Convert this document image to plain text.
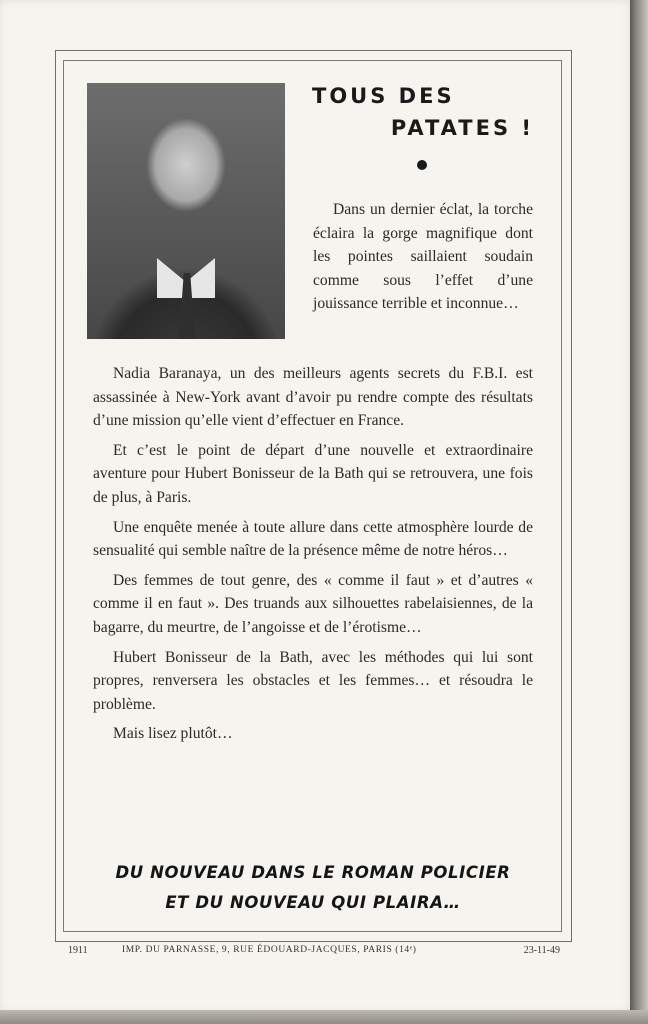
TOUS DES
PATATES !

Dans un dernier éclat, la torche éclaira la gorge magnifique dont les pointes saillaient soudain comme sous l’effet d’une jouissance terrible et inconnue…

Nadia Baranaya, un des meilleurs agents secrets du F.B.I. est assassinée à New-York avant d’avoir pu rendre compte des résultats d’une mission qu’elle vient d’effectuer en France.

Et c’est le point de départ d’une nouvelle et extraordinaire aventure pour Hubert Bonisseur de la Bath qui se retrouvera, une fois de plus, à Paris.

Une enquête menée à toute allure dans cette atmosphère lourde de sensualité qui semble naître de la présence même de notre héros…

Des femmes de tout genre, des « comme il faut » et d’autres « comme il en faut ». Des truands aux silhouettes rabelaisiennes, de la bagarre, du meurtre, de l’angoisse et de l’érotisme…

Hubert Bonisseur de la Bath, avec les méthodes qui lui sont propres, renversera les obstacles et les femmes… et résoudra le problème.

Mais lisez plutôt…

DU NOUVEAU DANS LE ROMAN POLICIER
ET DU NOUVEAU QUI PLAIRA…
1911	IMP. DU PARNASSE, 9, RUE ÉDOUARD-JACQUES, PARIS (14ᵉ)	23-11-49
